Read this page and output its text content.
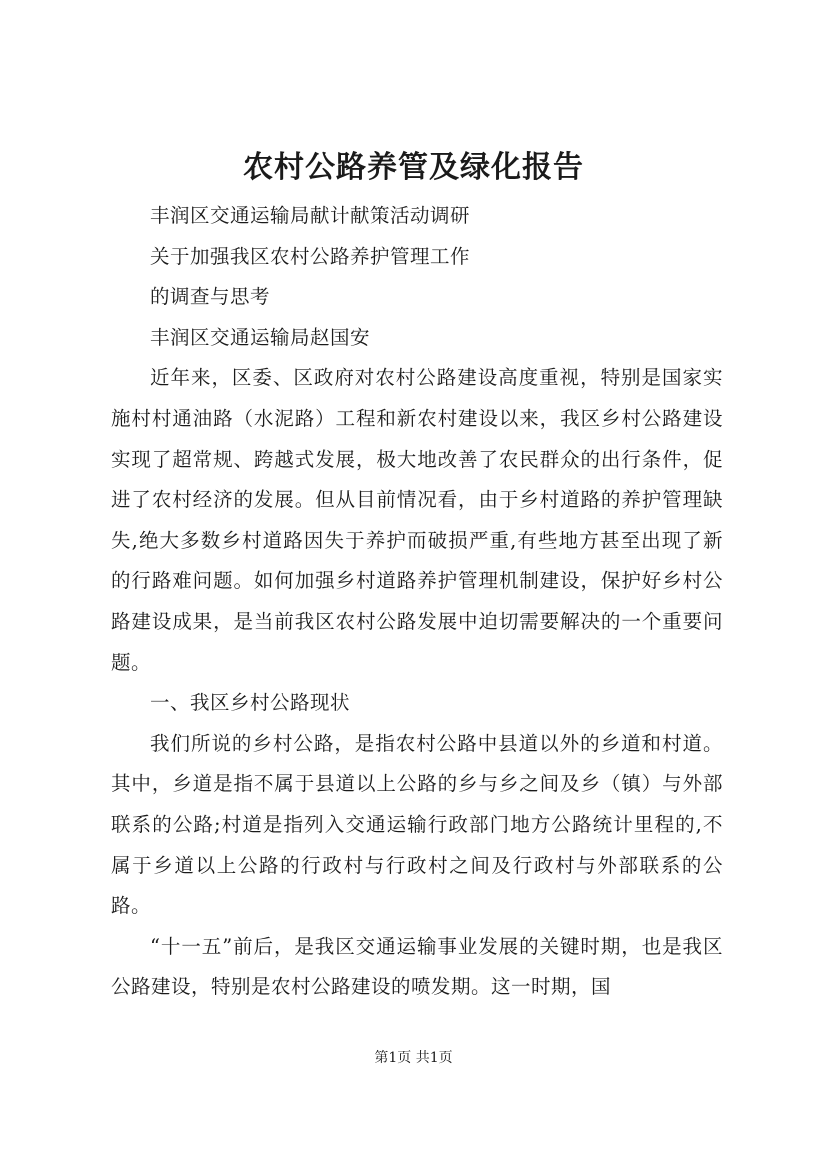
农村公路养管及绿化报告

丰润区交通运输局献计献策活动调研

关于加强我区农村公路养护管理工作

的调查与思考

丰润区交通运输局赵国安

近年来，区委、区政府对农村公路建设高度重视，特别是国家实施村村通油路（水泥路）工程和新农村建设以来，我区乡村公路建设实现了超常规、跨越式发展，极大地改善了农民群众的出行条件，促进了农村经济的发展。但从目前情况看，由于乡村道路的养护管理缺失,绝大多数乡村道路因失于养护而破损严重,有些地方甚至出现了新的行路难问题。如何加强乡村道路养护管理机制建设，保护好乡村公路建设成果，是当前我区农村公路发展中迫切需要解决的一个重要问题。

一、我区乡村公路现状

我们所说的乡村公路，是指农村公路中县道以外的乡道和村道。其中，乡道是指不属于县道以上公路的乡与乡之间及乡（镇）与外部联系的公路;村道是指列入交通运输行政部门地方公路统计里程的,不属于乡道以上公路的行政村与行政村之间及行政村与外部联系的公路。

“十一五”前后，是我区交通运输事业发展的关键时期，也是我区公路建设，特别是农村公路建设的喷发期。这一时期，国

第1页 共1页
